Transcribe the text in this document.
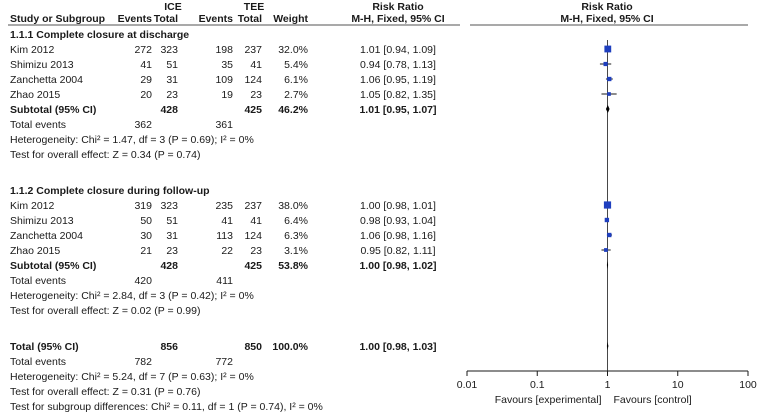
ICE	TEE
Study or Subgroup Events Total Events Total Weight
Risk Ratio
M-H, Fixed, 95% CI
Risk Ratio
M-H, Fixed, 95% CI
1.1.1 Complete closure at discharge
Kim 2012	272 323	198 237 32.0%	1.01 [0.94, 1.09]
Shimizu 2013	41 51	35 41 5.4%	0.94 [0.78, 1.13]
Zanchetta 2004	29 31	109 124 6.1%	1.06 [0.95, 1.19]
Zhao 2015	20 23	19 23 2.7%	1.05 [0.82, 1.35]
Subtotal (95% CI)	428	425 46.2%	1.01 [0.95, 1.07]
Total events	362	361
Heterogeneity: Chi² = 1.47, df = 3 (P = 0.69); I² = 0%
Test for overall effect: Z = 0.34 (P = 0.74)
1.1.2 Complete closure during follow-up
Kim 2012	319 323	235 237 38.0%	1.00 [0.98, 1.01]
Shimizu 2013	50 51	41 41 6.4%	0.98 [0.93, 1.04]
Zanchetta 2004	30 31	113 124 6.3%	1.06 [0.98, 1.16]
Zhao 2015	21 23	22 23 3.1%	0.95 [0.82, 1.11]
Subtotal (95% CI)	428	425 53.8%	1.00 [0.98, 1.02]
Total events	420	411
Heterogeneity: Chi² = 2.84, df = 3 (P = 0.42); I² = 0%
Test for overall effect: Z = 0.02 (P = 0.99)
Total (95% CI)	856	850 100.0%	1.00 [0.98, 1.03]
Total events	782	772
Heterogeneity: Chi² = 5.24, df = 7 (P = 0.63); I² = 0%
Test for overall effect: Z = 0.31 (P = 0.76)
Test for subgroup differences: Chi² = 0.11, df = 1 (P = 0.74), I² = 0%
0.01	0.1	1	10	100
Favours [experimental] Favours [control]
